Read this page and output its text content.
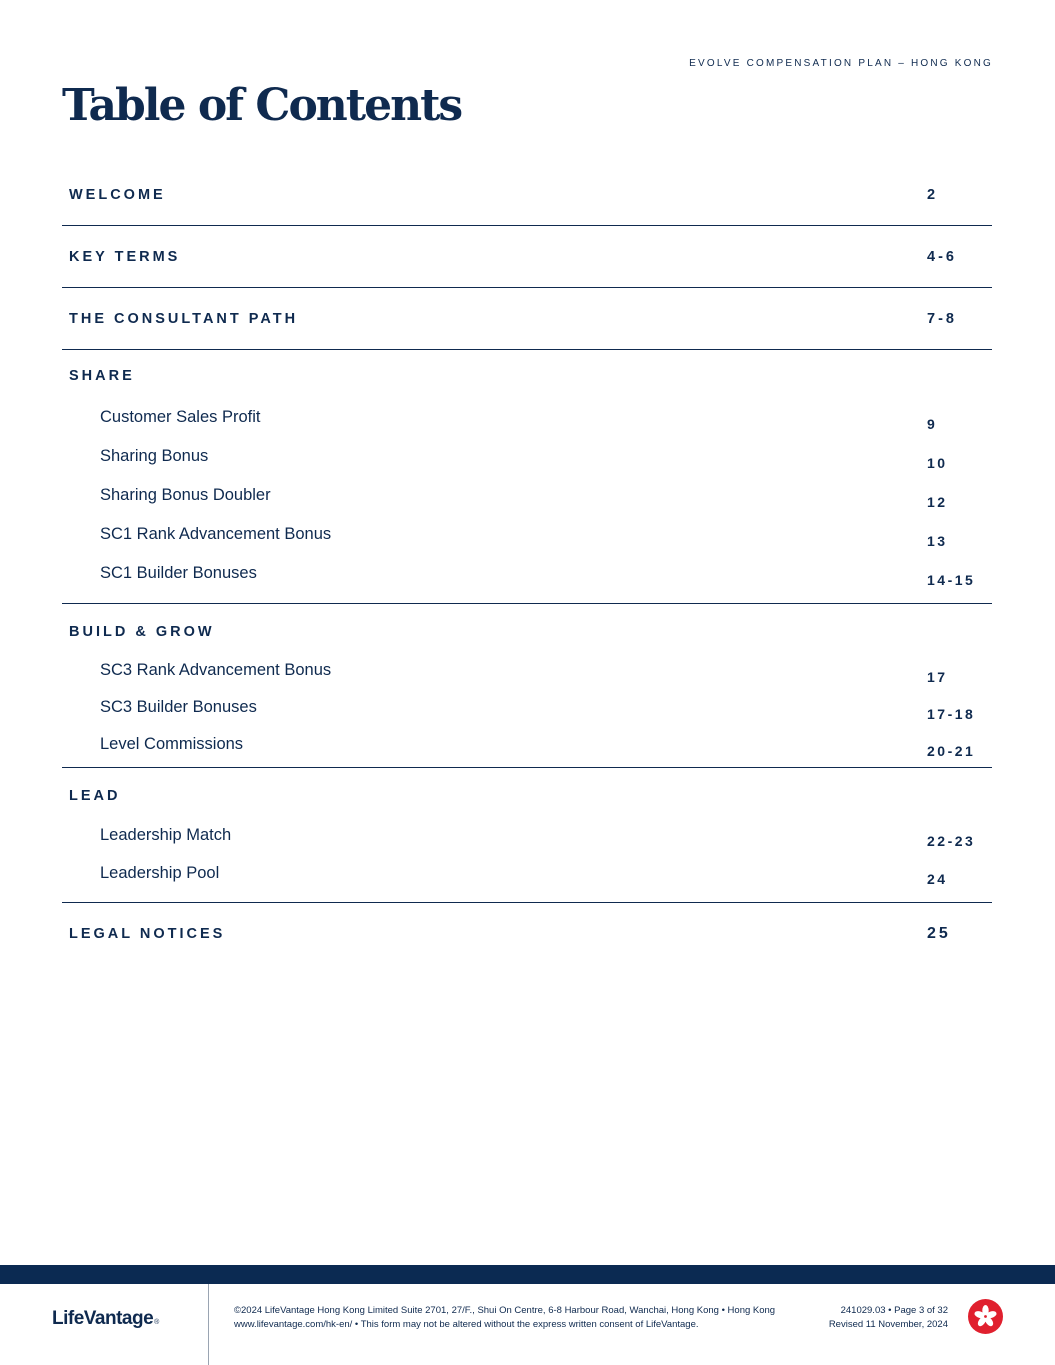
EVOLVE COMPENSATION PLAN – HONG KONG
Table of Contents
WELCOME	2
KEY TERMS	4-6
THE CONSULTANT PATH	7-8
SHARE
Customer Sales Profit	9
Sharing Bonus	10
Sharing Bonus Doubler	12
SC1 Rank Advancement Bonus	13
SC1 Builder Bonuses	14-15
BUILD & GROW
SC3 Rank Advancement Bonus	17
SC3 Builder Bonuses	17-18
Level Commissions	20-21
LEAD
Leadership Match	22-23
Leadership Pool	24
LEGAL NOTICES	25
LifeVantage®
©2024 LifeVantage Hong Kong Limited Suite 2701, 27/F., Shui On Centre, 6-8 Harbour Road, Wanchai, Hong Kong • Hong Kong
www.lifevantage.com/hk-en/ • This form may not be altered without the express written consent of LifeVantage.
241029.03 • Page 3 of 32
Revised 11 November, 2024
